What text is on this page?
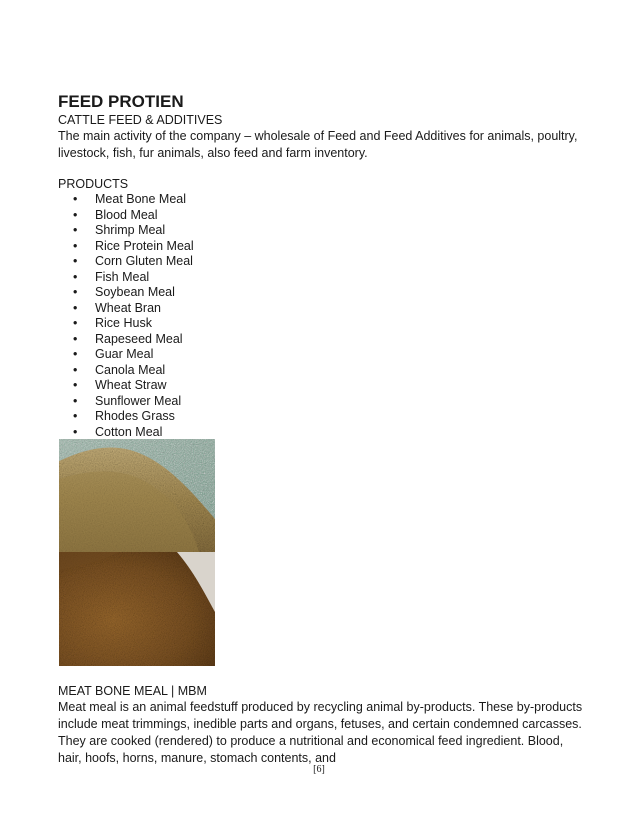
FEED PROTIEN

CATTLE FEED & ADDITIVES

The main activity of the company – wholesale of Feed and Feed Additives for animals, poultry, livestock, fish, fur animals, also feed and farm inventory.

PRODUCTS

• Meat Bone Meal
• Blood Meal
• Shrimp Meal
• Rice Protein Meal
• Corn Gluten Meal
• Fish Meal
• Soybean Meal
• Wheat Bran
• Rice Husk
• Rapeseed Meal
• Guar Meal
• Canola Meal
• Wheat Straw
• Sunflower Meal
• Rhodes Grass
• Cotton Meal

MEAT BONE MEAL | MBM

Meat meal is an animal feedstuff produced by recycling animal by-products. These by-products include meat trimmings, inedible parts and organs, fetuses, and certain condemned carcasses. They are cooked (rendered) to produce a nutritional and economical feed ingredient. Blood, hair, hoofs, horns, manure, stomach contents, and

[6]
